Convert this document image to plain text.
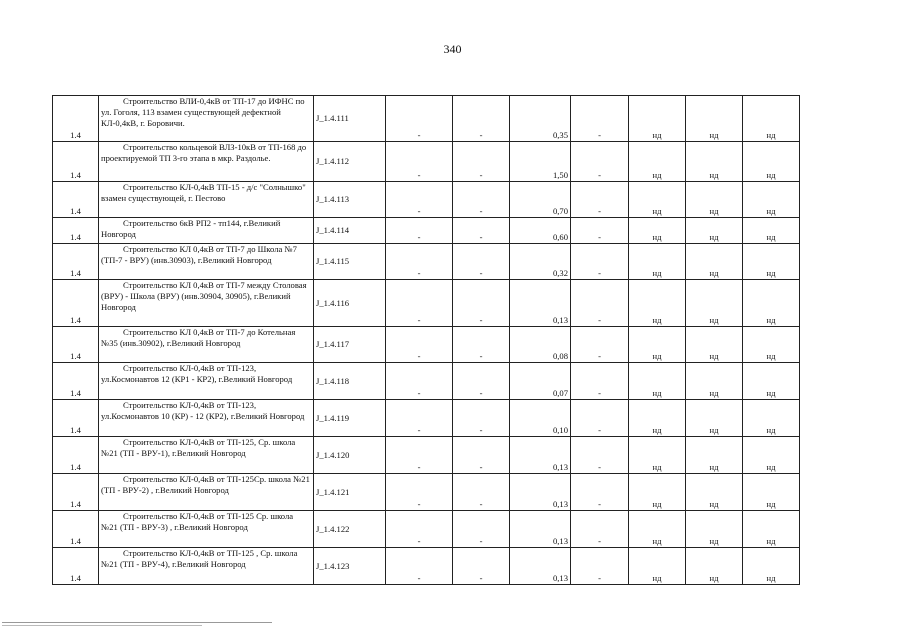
340
1.4	Строительство ВЛИ-0,4кВ от ТП-17 до ИФНС по ул. Гоголя, 113 взамен существующей дефектной КЛ-0,4кВ, г. Боровичи.	J_1.4.111	-	-	0,35	-	нд	нд	нд
1.4	Строительство кольцевой ВЛЗ-10кВ от ТП-168 до проектируемой ТП 3-го этапа в мкр. Раздолье.	J_1.4.112	-	-	1,50	-	нд	нд	нд
1.4	Строительство КЛ-0,4кВ ТП-15 - д/с "Солнышко" взамен существующей, г. Пестово	J_1.4.113	-	-	0,70	-	нд	нд	нд
1.4	Строительство 6кВ РП2 - тп144, г.Великий Новгород	J_1.4.114	-	-	0,60	-	нд	нд	нд
1.4	Строительство КЛ 0,4кВ от ТП-7 до Школа №7 (ТП-7 - ВРУ) (инв.30903), г.Великий Новгород	J_1.4.115	-	-	0,32	-	нд	нд	нд
1.4	Строительство КЛ 0,4кВ от ТП-7 между Столовая (ВРУ) - Школа (ВРУ) (инв.30904, 30905), г.Великий Новгород	J_1.4.116	-	-	0,13	-	нд	нд	нд
1.4	Строительство КЛ 0,4кВ от ТП-7 до Котельная №35 (инв.30902), г.Великий Новгород	J_1.4.117	-	-	0,08	-	нд	нд	нд
1.4	Строительство КЛ-0,4кВ от ТП-123, ул.Космонавтов 12 (КР1 - КР2), г.Великий Новгород	J_1.4.118	-	-	0,07	-	нд	нд	нд
1.4	Строительство КЛ-0,4кВ от ТП-123, ул.Космонавтов 10 (КР) - 12 (КР2), г.Великий Новгород	J_1.4.119	-	-	0,10	-	нд	нд	нд
1.4	Строительство КЛ-0,4кВ от ТП-125, Ср. школа №21 (ТП - ВРУ-1), г.Великий Новгород	J_1.4.120	-	-	0,13	-	нд	нд	нд
1.4	Строительство КЛ-0,4кВ от ТП-125Ср. школа №21 (ТП - ВРУ-2) , г.Великий Новгород	J_1.4.121	-	-	0,13	-	нд	нд	нд
1.4	Строительство КЛ-0,4кВ от ТП-125 Ср. школа №21 (ТП - ВРУ-3) , г.Великий Новгород	J_1.4.122	-	-	0,13	-	нд	нд	нд
1.4	Строительство КЛ-0,4кВ от ТП-125 , Ср. школа №21 (ТП - ВРУ-4), г.Великий Новгород	J_1.4.123	-	-	0,13	-	нд	нд	нд
